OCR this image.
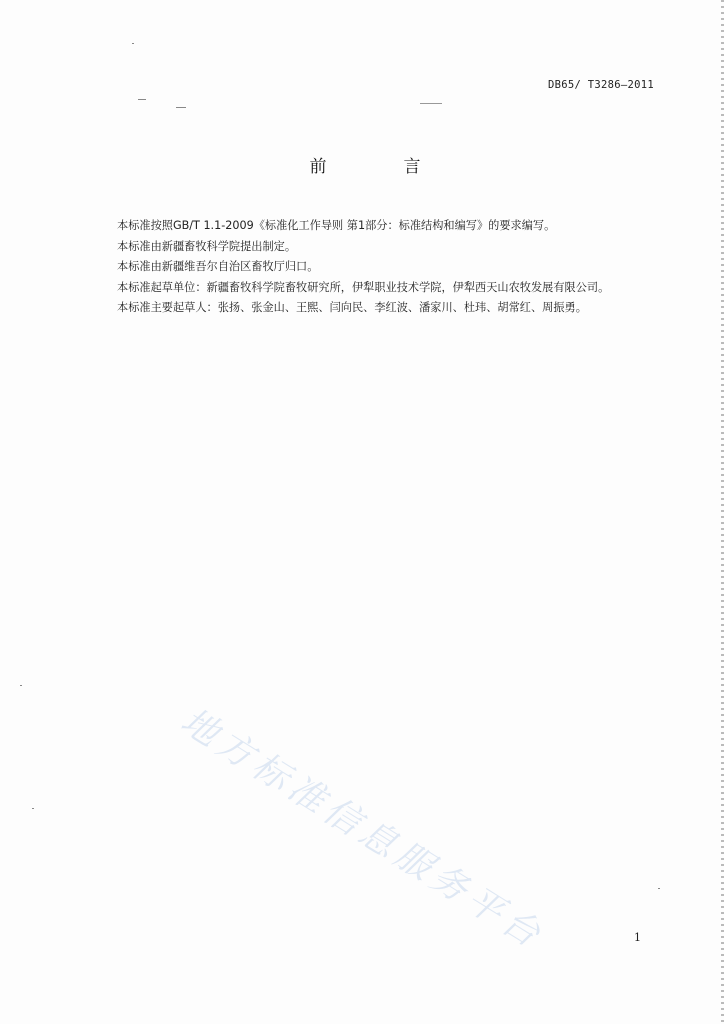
DB65/ T3286—2011
前　言
本标准按照GB/T 1.1-2009《标准化工作导则 第1部分：标准结构和编写》的要求编写。
本标准由新疆畜牧科学院提出制定。
本标准由新疆维吾尔自治区畜牧厅归口。
本标准起草单位：新疆畜牧科学院畜牧研究所，伊犁职业技术学院，伊犁西天山农牧发展有限公司。
本标准主要起草人：张扬、张金山、王熙、闫向民、李红波、潘家川、杜玮、胡常红、周振勇。
地方标准信息服务平台	1
